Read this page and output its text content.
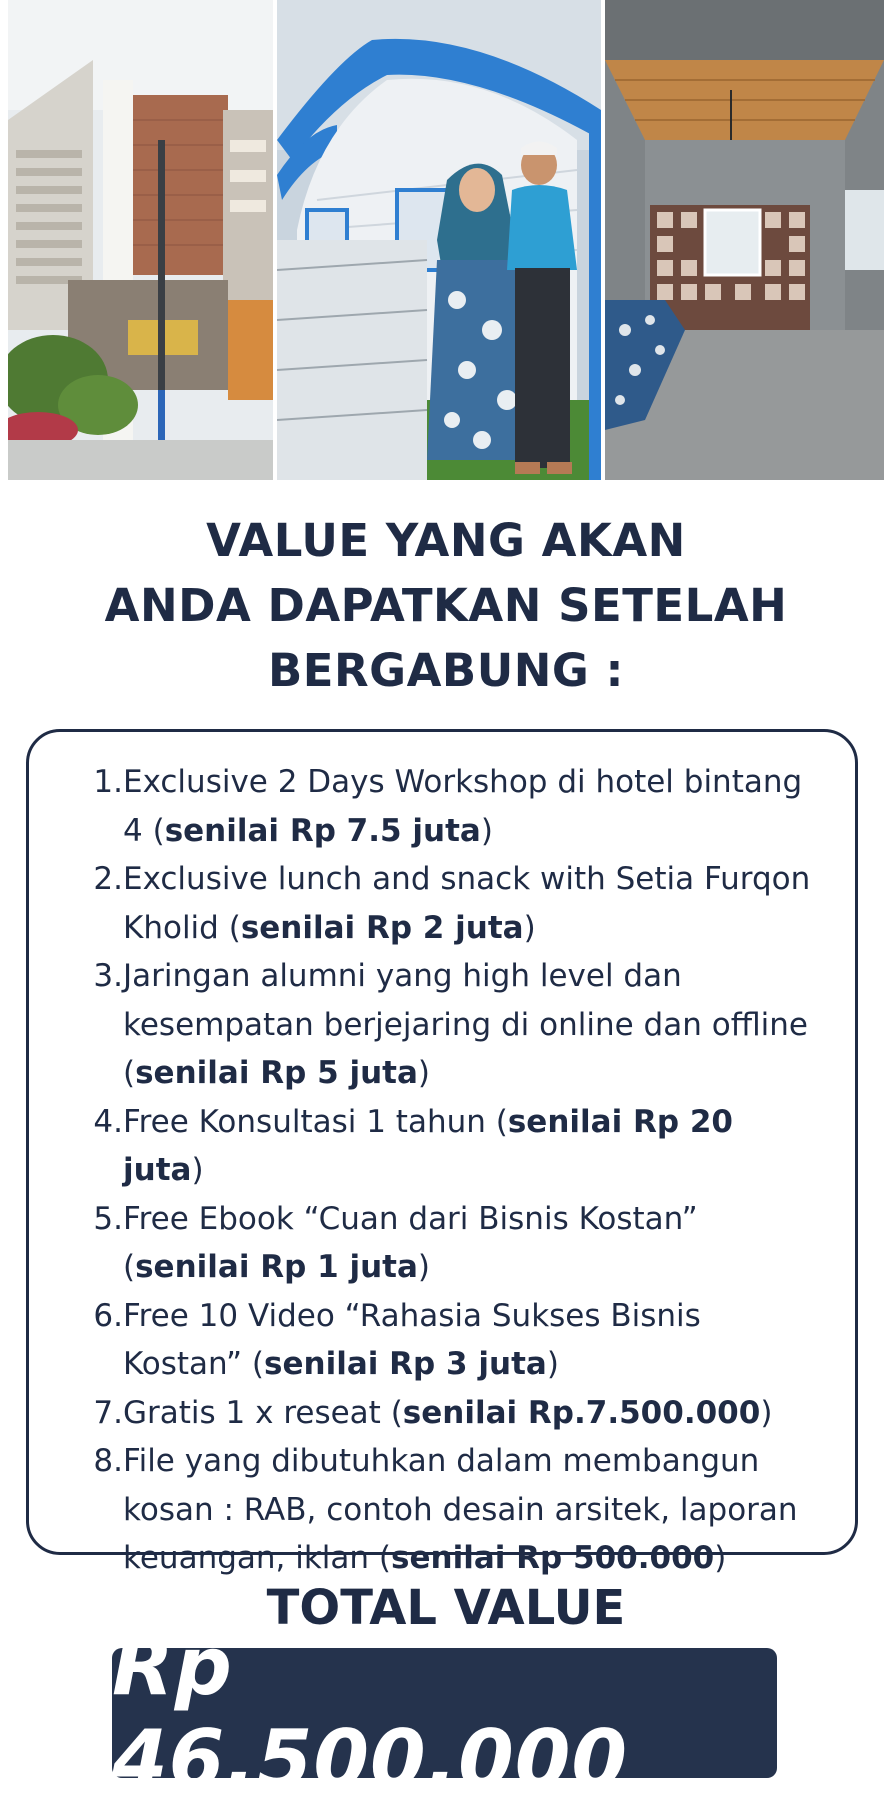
VALUE YANG AKAN
ANDA DAPATKAN SETELAH
BERGABUNG :
1. Exclusive 2 Days Workshop di hotel bintang 4 (senilai Rp 7.5 juta)
2. Exclusive lunch and snack with Setia Furqon Kholid (senilai Rp 2 juta)
3. Jaringan alumni yang high level dan kesempatan berjejaring di online dan offline (senilai Rp 5 juta)
4. Free Konsultasi 1 tahun (senilai Rp 20 juta)
5. Free Ebook “Cuan dari Bisnis Kostan” (senilai Rp 1 juta)
6. Free 10 Video “Rahasia Sukses Bisnis Kostan” (senilai Rp 3 juta)
7. Gratis 1 x reseat (senilai Rp.7.500.000)
8. File yang dibutuhkan dalam membangun kosan : RAB, contoh desain arsitek, laporan keuangan, iklan (senilai Rp 500.000)
TOTAL VALUE
Rp 46.500.000
